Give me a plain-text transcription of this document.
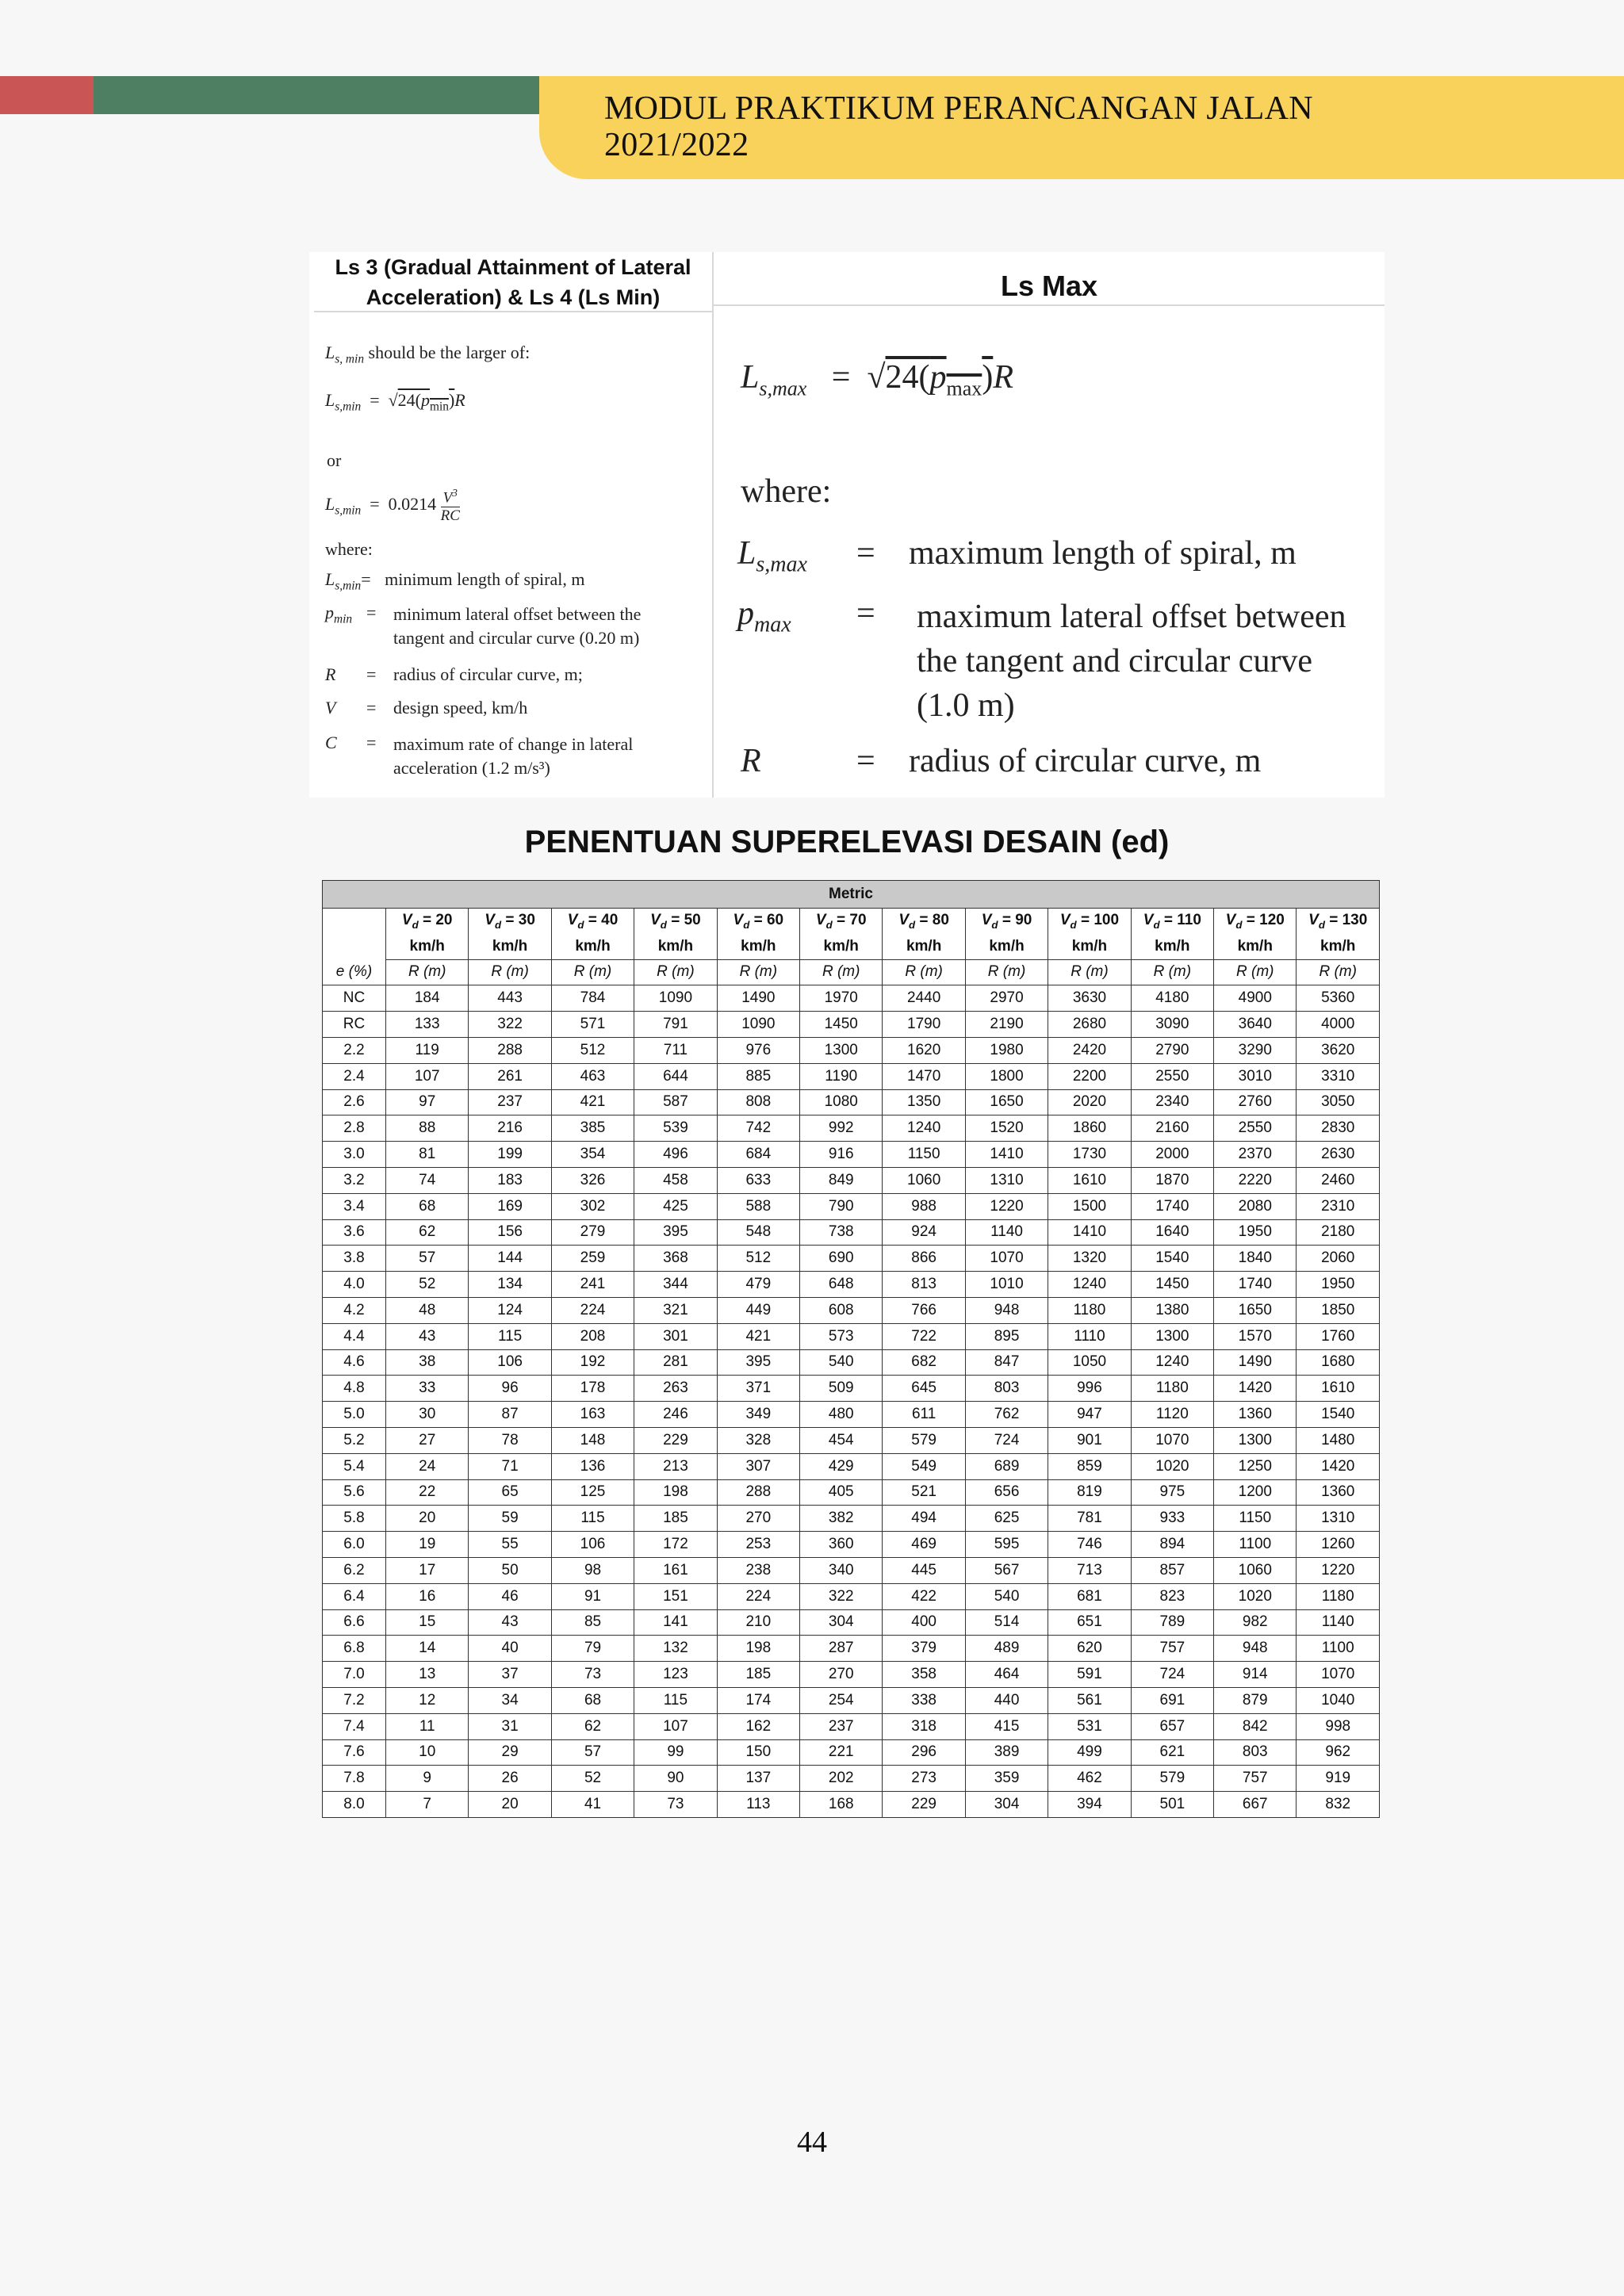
MODUL PRAKTIKUM PERANCANGAN JALAN
2021/2022
Ls 3 (Gradual Attainment of Lateral Acceleration) & Ls 4 (Ls Min)	Ls Max
$L_{s, min}$ should be the larger of:
$L_{s,min} = √24(p_{min})R$
or
$L_{s,min} = 0.0214 \frac{V^3}{RC}$
where:
$L_{s,min}=$ minimum length of spiral, m
$p_{min}$ = minimum lateral offset between the tangent and circular curve (0.20 m)
R = radius of circular curve, m;
V = design speed, km/h
C = maximum rate of change in lateral acceleration (1.2 m/s³)
$L_{s,max} = √24(p_{max})R$
where:
$L_{s,max}$ = maximum length of spiral, m
$p_{max}$ = maximum lateral offset between the tangent and circular curve (1.0 m)
R	= radius of circular curve, m
PENENTUAN SUPERELEVASI DESAIN (ed)
Metric												
	$V_d = 20$	$V_d = 30$	$V_d = 40$	$V_d = 50$	$V_d = 60$	$V_d = 70$	$V_d = 80$	$V_d = 90$	$V_d = 100$	$V_d = 110$	$V_d = 120$	$V_d = 130$
	km/h	km/h	km/h	km/h	km/h	km/h	km/h	km/h	km/h	km/h	km/h	km/h
e (%)	R (m)	R (m)	R (m)	R (m)	R (m)	R (m)	R (m)	R (m)	R (m)	R (m)	R (m)	R (m)
NC	184	443	784	1090	1490	1970	2440	2970	3630	4180	4900	5360
RC	133	322	571	791	1090	1450	1790	2190	2680	3090	3640	4000
2.2	119	288	512	711	976	1300	1620	1980	2420	2790	3290	3620
2.4	107	261	463	644	885	1190	1470	1800	2200	2550	3010	3310
2.6	97	237	421	587	808	1080	1350	1650	2020	2340	2760	3050
2.8	88	216	385	539	742	992	1240	1520	1860	2160	2550	2830
3.0	81	199	354	496	684	916	1150	1410	1730	2000	2370	2630
3.2	74	183	326	458	633	849	1060	1310	1610	1870	2220	2460
3.4	68	169	302	425	588	790	988	1220	1500	1740	2080	2310
3.6	62	156	279	395	548	738	924	1140	1410	1640	1950	2180
3.8	57	144	259	368	512	690	866	1070	1320	1540	1840	2060
4.0	52	134	241	344	479	648	813	1010	1240	1450	1740	1950
4.2	48	124	224	321	449	608	766	948	1180	1380	1650	1850
4.4	43	115	208	301	421	573	722	895	1110	1300	1570	1760
4.6	38	106	192	281	395	540	682	847	1050	1240	1490	1680
4.8	33	96	178	263	371	509	645	803	996	1180	1420	1610
5.0	30	87	163	246	349	480	611	762	947	1120	1360	1540
5.2	27	78	148	229	328	454	579	724	901	1070	1300	1480
5.4	24	71	136	213	307	429	549	689	859	1020	1250	1420
5.6	22	65	125	198	288	405	521	656	819	975	1200	1360
5.8	20	59	115	185	270	382	494	625	781	933	1150	1310
6.0	19	55	106	172	253	360	469	595	746	894	1100	1260
6.2	17	50	98	161	238	340	445	567	713	857	1060	1220
6.4	16	46	91	151	224	322	422	540	681	823	1020	1180
6.6	15	43	85	141	210	304	400	514	651	789	982	1140
6.8	14	40	79	132	198	287	379	489	620	757	948	1100
7.0	13	37	73	123	185	270	358	464	591	724	914	1070
7.2	12	34	68	115	174	254	338	440	561	691	879	1040
7.4	11	31	62	107	162	237	318	415	531	657	842	998
7.6	10	29	57	99	150	221	296	389	499	621	803	962
7.8	9	26	52	90	137	202	273	359	462	579	757	919
8.0	7	20	41	73	113	168	229	304	394	501	667	832
44
